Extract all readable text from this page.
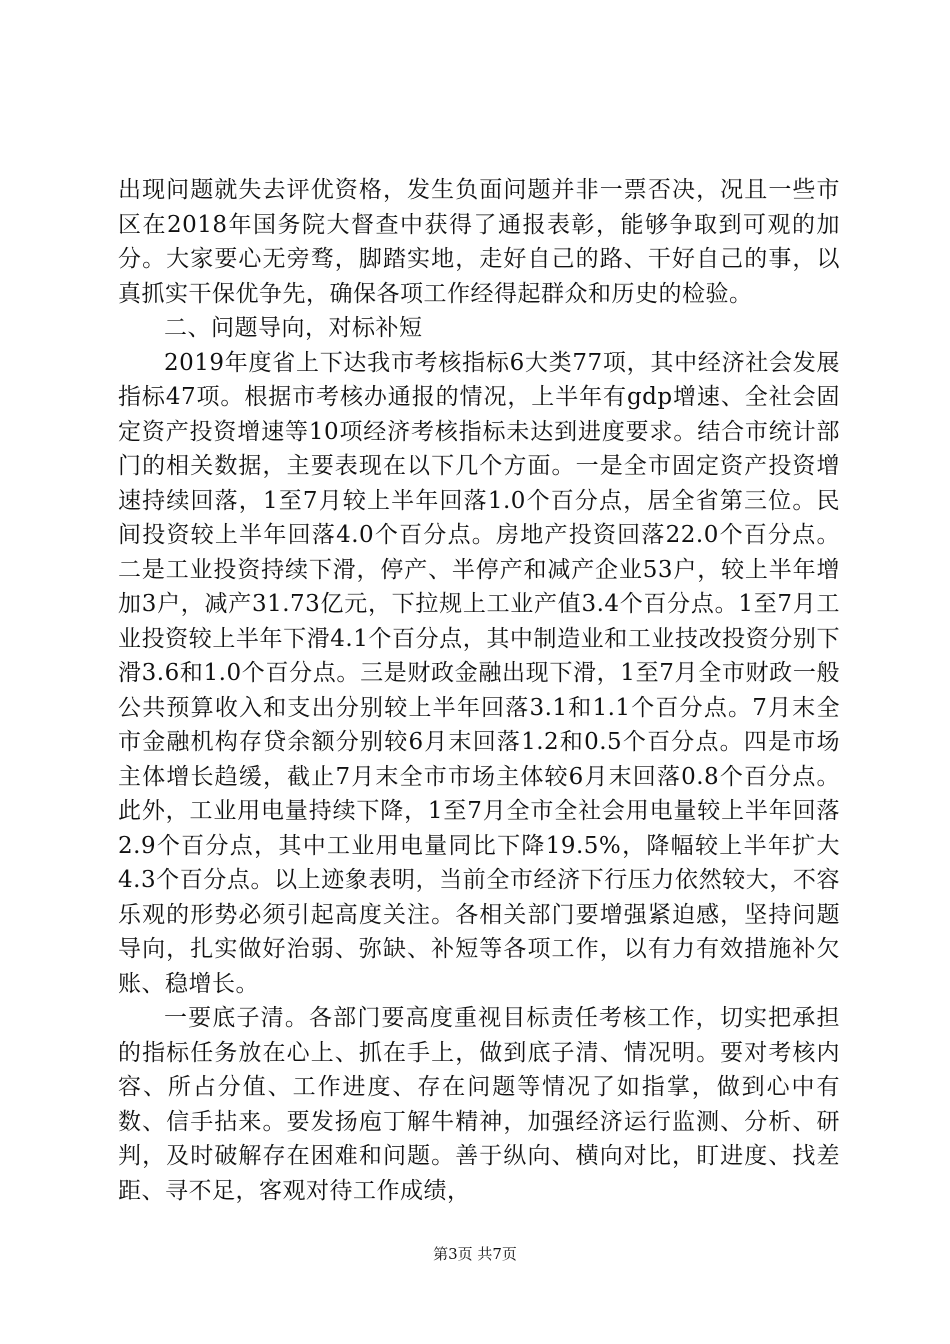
出现问题就失去评优资格，发生负面问题并非一票否决，况且一些市区在2018年国务院大督查中获得了通报表彰，能够争取到可观的加分。大家要心无旁骛，脚踏实地，走好自己的路、干好自己的事，以真抓实干保优争先，确保各项工作经得起群众和历史的检验。

二、问题导向，对标补短

2019年度省上下达我市考核指标6大类77项，其中经济社会发展指标47项。根据市考核办通报的情况，上半年有gdp增速、全社会固定资产投资增速等10项经济考核指标未达到进度要求。结合市统计部门的相关数据，主要表现在以下几个方面。一是全市固定资产投资增速持续回落，1至7月较上半年回落1.0个百分点，居全省第三位。民间投资较上半年回落4.0个百分点。房地产投资回落22.0个百分点。二是工业投资持续下滑，停产、半停产和减产企业53户，较上半年增加3户，减产31.73亿元，下拉规上工业产值3.4个百分点。1至7月工业投资较上半年下滑4.1个百分点，其中制造业和工业技改投资分别下滑3.6和1.0个百分点。三是财政金融出现下滑，1至7月全市财政一般公共预算收入和支出分别较上半年回落3.1和1.1个百分点。7月末全市金融机构存贷余额分别较6月末回落1.2和0.5个百分点。四是市场主体增长趋缓，截止7月末全市市场主体较6月末回落0.8个百分点。此外，工业用电量持续下降，1至7月全市全社会用电量较上半年回落2.9个百分点，其中工业用电量同比下降19.5%，降幅较上半年扩大4.3个百分点。以上迹象表明，当前全市经济下行压力依然较大，不容乐观的形势必须引起高度关注。各相关部门要增强紧迫感，坚持问题导向，扎实做好治弱、弥缺、补短等各项工作，以有力有效措施补欠账、稳增长。

一要底子清。各部门要高度重视目标责任考核工作，切实把承担的指标任务放在心上、抓在手上，做到底子清、情况明。要对考核内容、所占分值、工作进度、存在问题等情况了如指掌，做到心中有数、信手拈来。要发扬庖丁解牛精神，加强经济运行监测、分析、研判，及时破解存在困难和问题。善于纵向、横向对比，盯进度、找差距、寻不足，客观对待工作成绩，

第3页 共7页
